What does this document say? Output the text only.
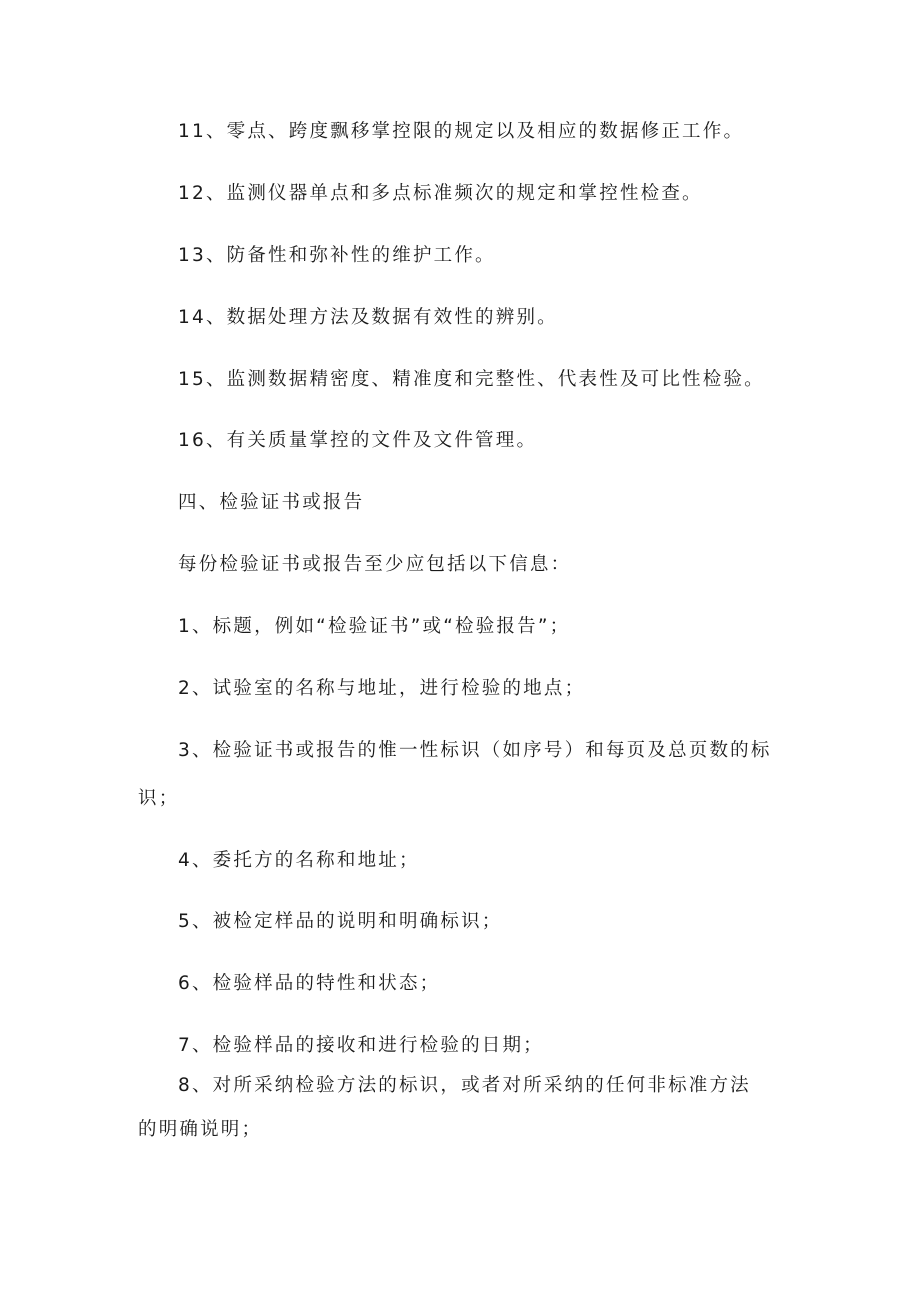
11、零点、跨度飘移掌控限的规定以及相应的数据修正工作。
12、监测仪器单点和多点标准频次的规定和掌控性检查。
13、防备性和弥补性的维护工作。
14、数据处理方法及数据有效性的辨别。
15、监测数据精密度、精准度和完整性、代表性及可比性检验。
16、有关质量掌控的文件及文件管理。
四、检验证书或报告
每份检验证书或报告至少应包括以下信息：
1、标题，例如“检验证书”或“检验报告”；
2、试验室的名称与地址，进行检验的地点；
3、检验证书或报告的惟一性标识（如序号）和每页及总页数的标
识；
4、委托方的名称和地址；
5、被检定样品的说明和明确标识；
6、检验样品的特性和状态；
7、检验样品的接收和进行检验的日期；
8、对所采纳检验方法的标识，或者对所采纳的任何非标准方法
的明确说明；
